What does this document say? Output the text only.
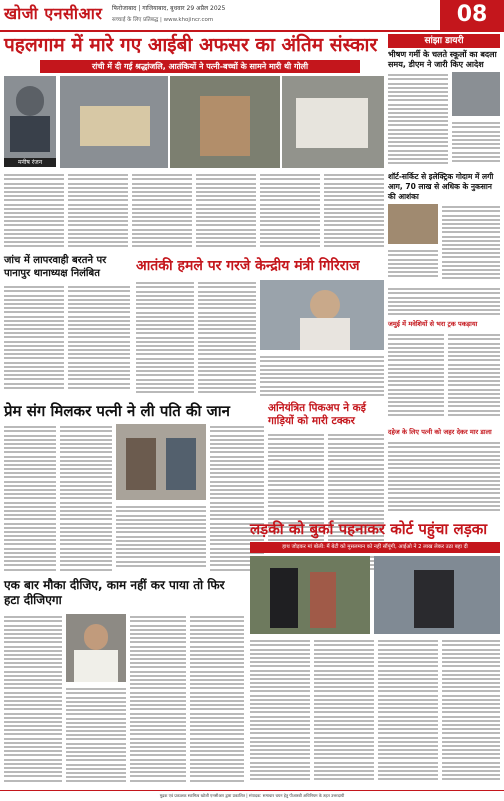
खोजी एनसीआर फिरोजाबाद | गाजियाबाद, बुधवार 29 अप्रैल 2025
सच्चाई के लिए प्रतिबद्ध | www.khojincr.com	08
पहलगाम में मारे गए आईबी अफसर का अंतिम संस्कार
रांची में दी गई श्रद्धांजलि, आतंकियों ने पत्नी-बच्चों के सामने मारी थी गोली
मनीष रंजन
सांझा डायरी
भीषण गर्मी के चलते स्कूलों का बदला समय, डीएम ने जारी किए आदेश
शॉर्ट-सर्किट से इलेक्ट्रिक गोदाम में लगी आग, 70 लाख से अधिक के नुकसान की आशंका
जमुई में मवेशियों से भरा ट्रक पकड़ाया
दहेज के लिए पत्नी को जहर देकर मार डाला
जांच में लापरवाही बरतने पर पानापुर थानाध्यक्ष निलंबित	आतंकी हमले पर गरजे केन्द्रीय मंत्री गिरिराज
प्रेम संग मिलकर पत्नी ने ली पति की जान	अनियंत्रित पिकअप ने कई गाड़ियों को मारी टक्कर
एक बार मौका दीजिए, काम नहीं कर पाया तो फिर हटा दीजिएगा
लड़की को बुर्का पहनाकर कोर्ट पहुंचा लड़का
हाथ जोड़कर मां बोली: मैं बेटी को मुसलमान को नहीं सौंपूंगी, आईओ ने 2 लाख लेकर उठा बहा दी
मुद्रक एवं प्रकाशक स्वामित्व खोजी एनसीआर द्वारा प्रकाशित | संपादक: समाचार चयन हेतु पीआरबी अधिनियम के तहत उत्तरदायी
